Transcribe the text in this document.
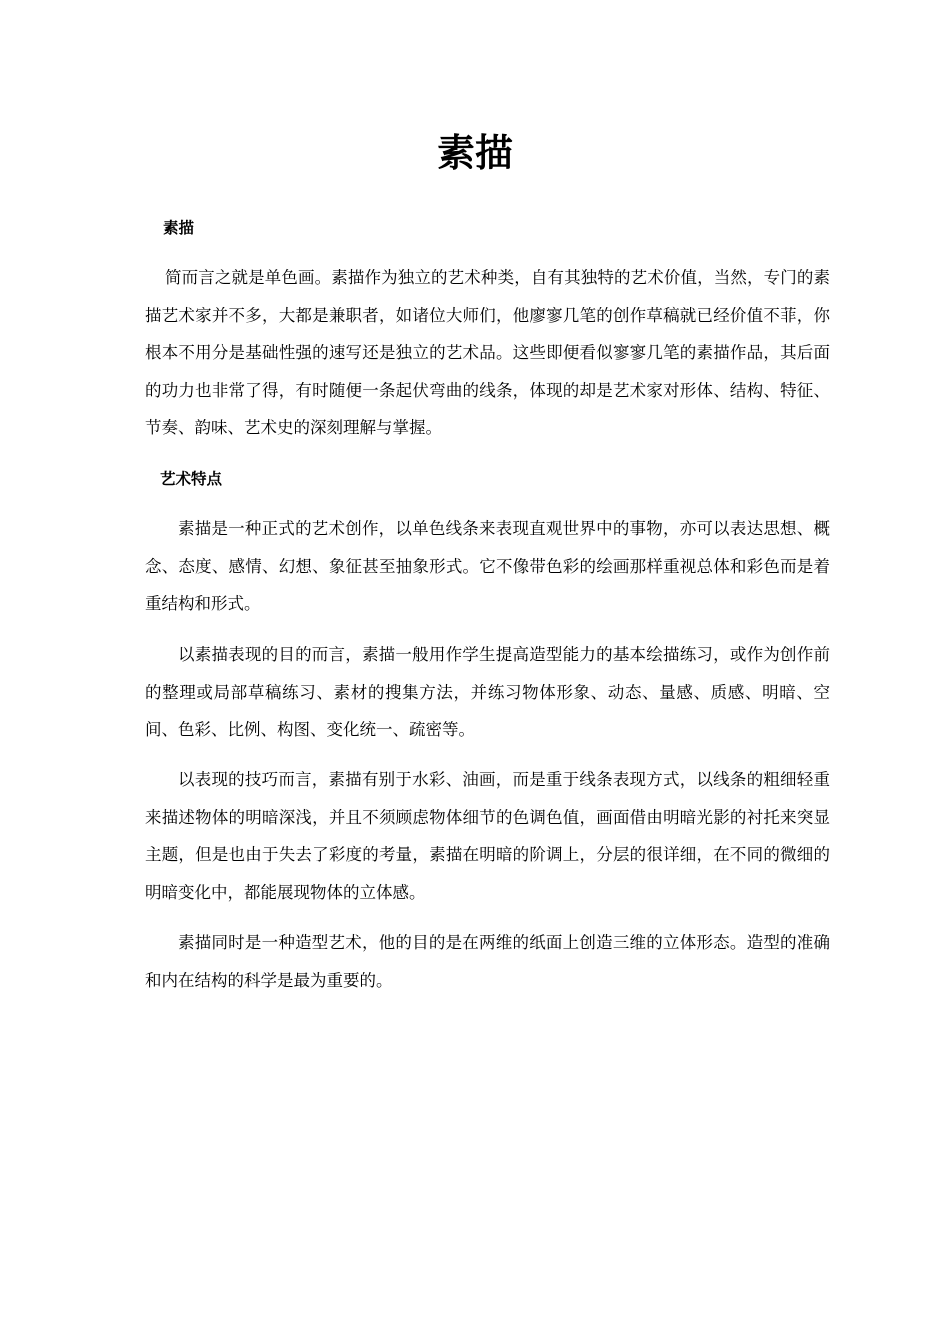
素描
素描

简而言之就是单色画。素描作为独立的艺术种类，自有其独特的艺术价值，当然，专门的素描艺术家并不多，大都是兼职者，如诸位大师们，他廖寥几笔的创作草稿就已经价值不菲，你根本不用分是基础性强的速写还是独立的艺术品。这些即便看似寥寥几笔的素描作品，其后面的功力也非常了得，有时随便一条起伏弯曲的线条，体现的却是艺术家对形体、结构、特征、节奏、韵味、艺术史的深刻理解与掌握。

艺术特点

素描是一种正式的艺术创作，以单色线条来表现直观世界中的事物，亦可以表达思想、概念、态度、感情、幻想、象征甚至抽象形式。它不像带色彩的绘画那样重视总体和彩色而是着重结构和形式。

以素描表现的目的而言，素描一般用作学生提高造型能力的基本绘描练习，或作为创作前的整理或局部草稿练习、素材的搜集方法，并练习物体形象、动态、量感、质感、明暗、空间、色彩、比例、构图、变化统一、疏密等。

以表现的技巧而言，素描有别于水彩、油画，而是重于线条表现方式，以线条的粗细轻重来描述物体的明暗深浅，并且不须顾虑物体细节的色调色值，画面借由明暗光影的衬托来突显主题，但是也由于失去了彩度的考量，素描在明暗的阶调上，分层的很详细，在不同的微细的明暗变化中，都能展现物体的立体感。

素描同时是一种造型艺术，他的目的是在两维的纸面上创造三维的立体形态。造型的准确和内在结构的科学是最为重要的。
